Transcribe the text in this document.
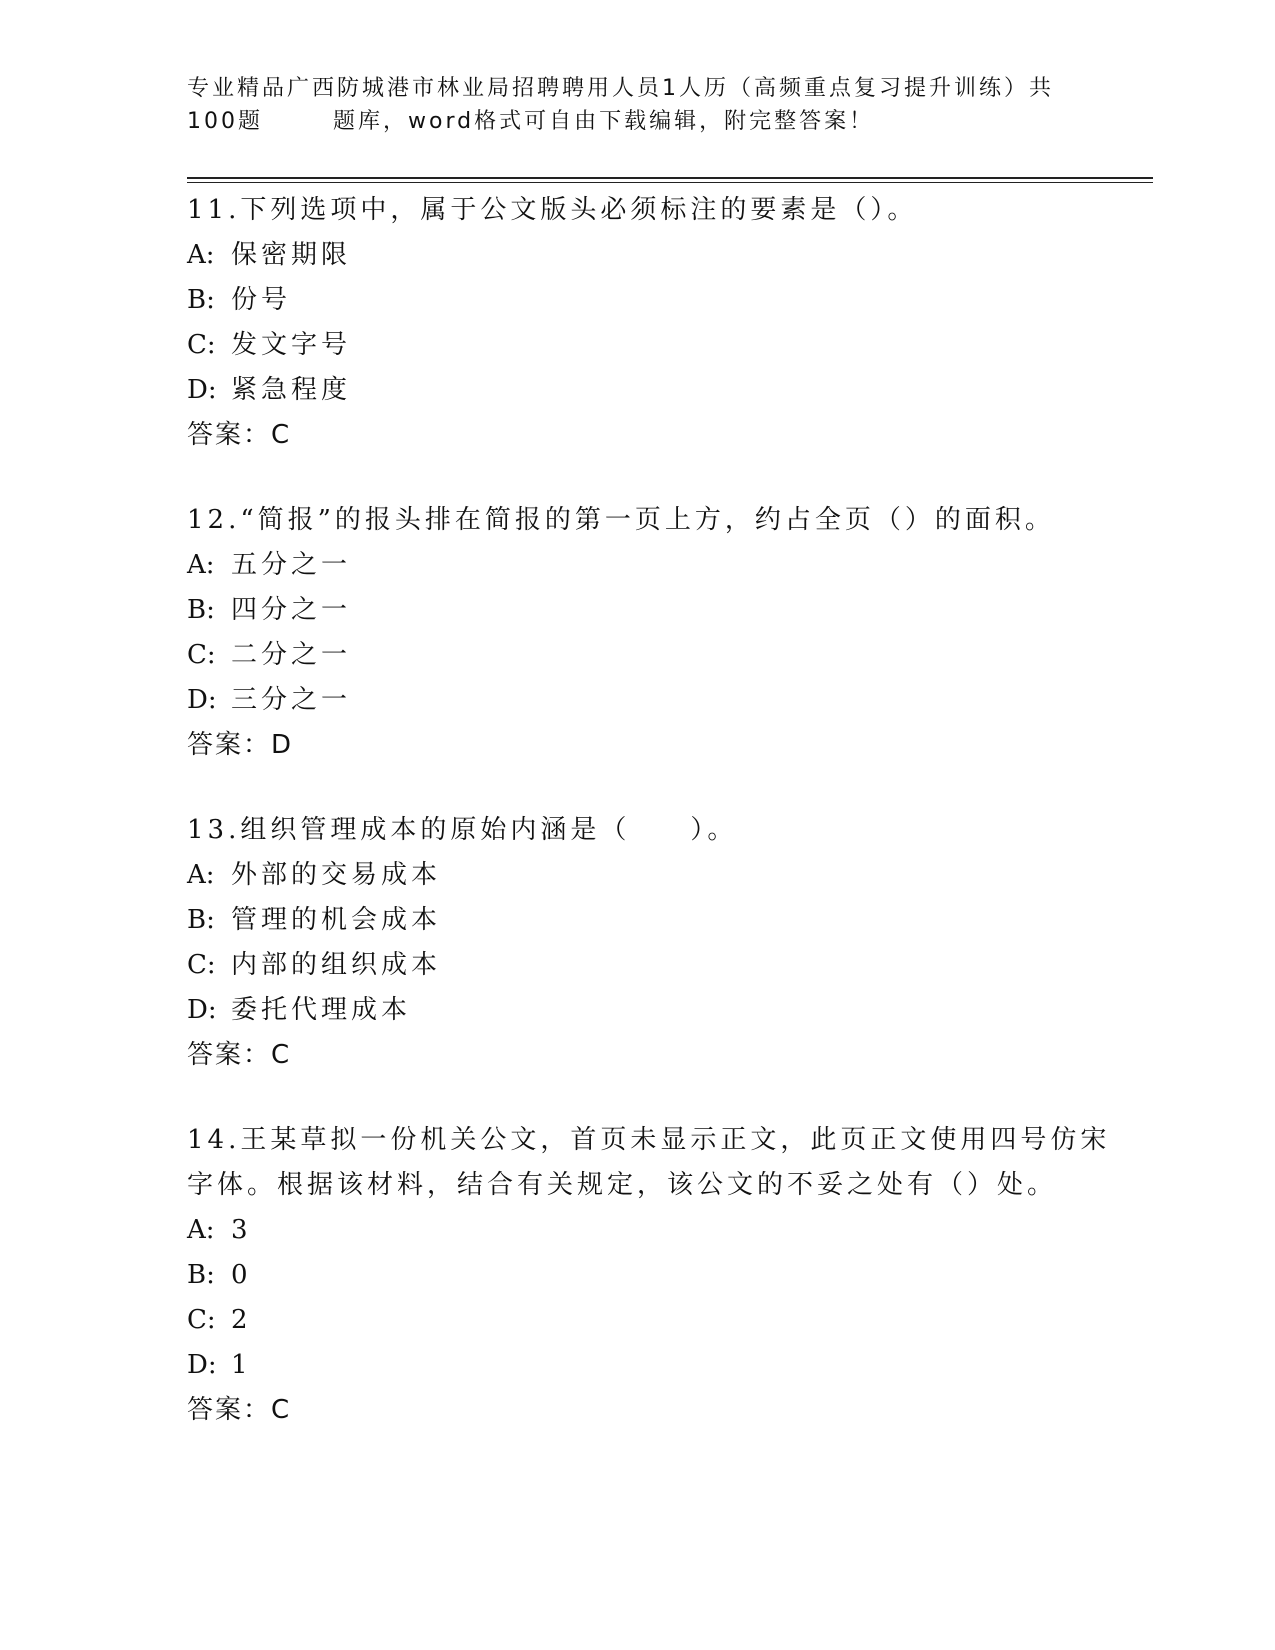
专业精品广西防城港市林业局招聘聘用人员1人历（高频重点复习提升训练）共
100题	题库，word格式可自由下载编辑，附完整答案！
11.下列选项中，属于公文版头必须标注的要素是（）。
A: 保密期限
B: 份号
C: 发文字号
D: 紧急程度
答案：C
12.“简报”的报头排在简报的第一页上方，约占全页（）的面积。
A: 五分之一
B: 四分之一
C: 二分之一
D: 三分之一
答案：D
13.组织管理成本的原始内涵是（　　）。
A: 外部的交易成本
B: 管理的机会成本
C: 内部的组织成本
D: 委托代理成本
答案：C
14.王某草拟一份机关公文，首页未显示正文，此页正文使用四号仿宋字体。根据该材料，结合有关规定，该公文的不妥之处有（）处。
A: 3
B: 0
C: 2
D: 1
答案：C
